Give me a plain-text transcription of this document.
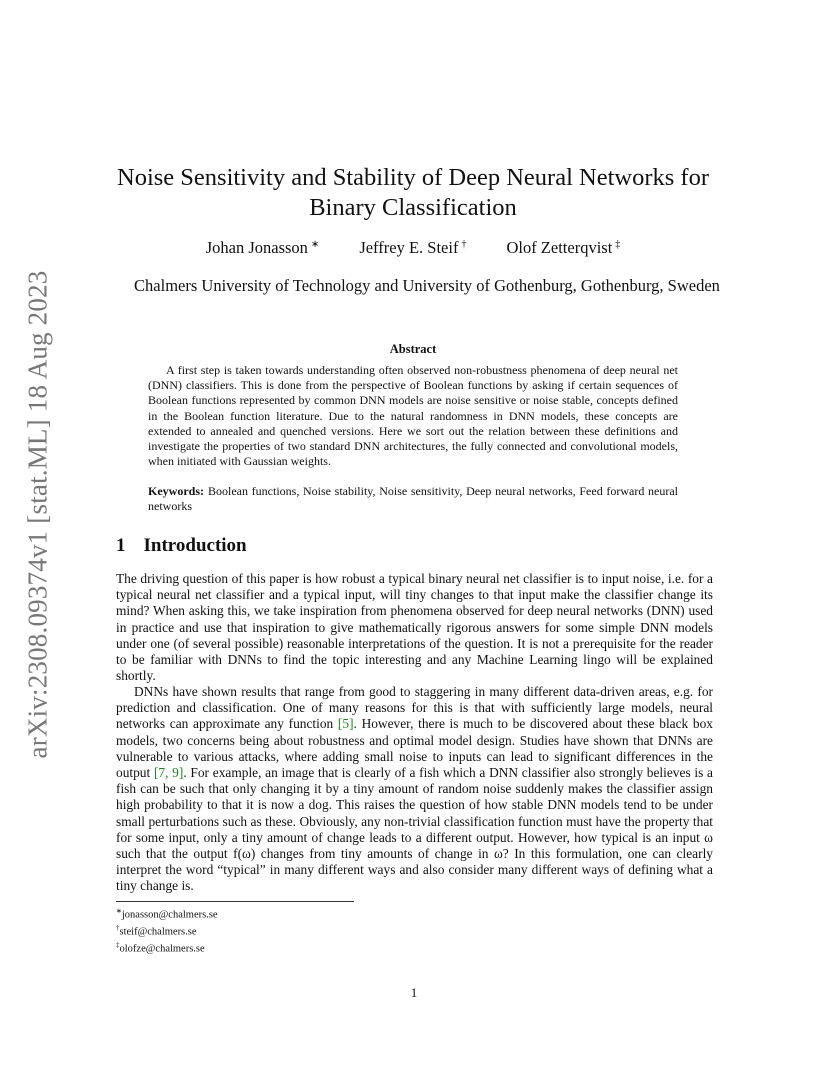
arXiv:2308.09374v1 [stat.ML] 18 Aug 2023
Noise Sensitivity and Stability of Deep Neural Networks for Binary Classification
Johan Jonasson ∗ Jeffrey E. Steif † Olof Zetterqvist ‡
Chalmers University of Technology and University of Gothenburg, Gothenburg, Sweden
Abstract

A first step is taken towards understanding often observed non-robustness phenomena of deep neural net (DNN) classifiers. This is done from the perspective of Boolean functions by asking if certain sequences of Boolean functions represented by common DNN models are noise sensitive or noise stable, concepts defined in the Boolean function literature. Due to the natural randomness in DNN models, these concepts are extended to annealed and quenched versions. Here we sort out the relation between these definitions and investigate the properties of two standard DNN architectures, the fully connected and convolutional models, when initiated with Gaussian weights.

Keywords: Boolean functions, Noise stability, Noise sensitivity, Deep neural networks, Feed forward neural networks

1 Introduction

The driving question of this paper is how robust a typical binary neural net classifier is to input noise, i.e. for a typical neural net classifier and a typical input, will tiny changes to that input make the classifier change its mind? When asking this, we take inspiration from phenomena observed for deep neural networks (DNN) used in practice and use that inspiration to give mathematically rigorous answers for some simple DNN models under one (of several possible) reasonable interpretations of the question. It is not a prerequisite for the reader to be familiar with DNNs to find the topic interesting and any Machine Learning lingo will be explained shortly.

DNNs have shown results that range from good to staggering in many different data-driven areas, e.g. for prediction and classification. One of many reasons for this is that with sufficiently large models, neural networks can approximate any function [5]. However, there is much to be discovered about these black box models, two concerns being about robustness and optimal model design. Studies have shown that DNNs are vulnerable to various attacks, where adding small noise to inputs can lead to significant differences in the output [7, 9]. For example, an image that is clearly of a fish which a DNN classifier also strongly believes is a fish can be such that only changing it by a tiny amount of random noise suddenly makes the classifier assign high probability to that it is now a dog. This raises the question of how stable DNN models tend to be under small perturbations such as these. Obviously, any non-trivial classification function must have the property that for some input, only a tiny amount of change leads to a different output. However, how typical is an input ω such that the output f(ω) changes from tiny amounts of change in ω? In this formulation, one can clearly interpret the word “typical” in many different ways and also consider many different ways of defining what a tiny change is.

∗jonasson@chalmers.se
†steif@chalmers.se
‡olofze@chalmers.se
1
